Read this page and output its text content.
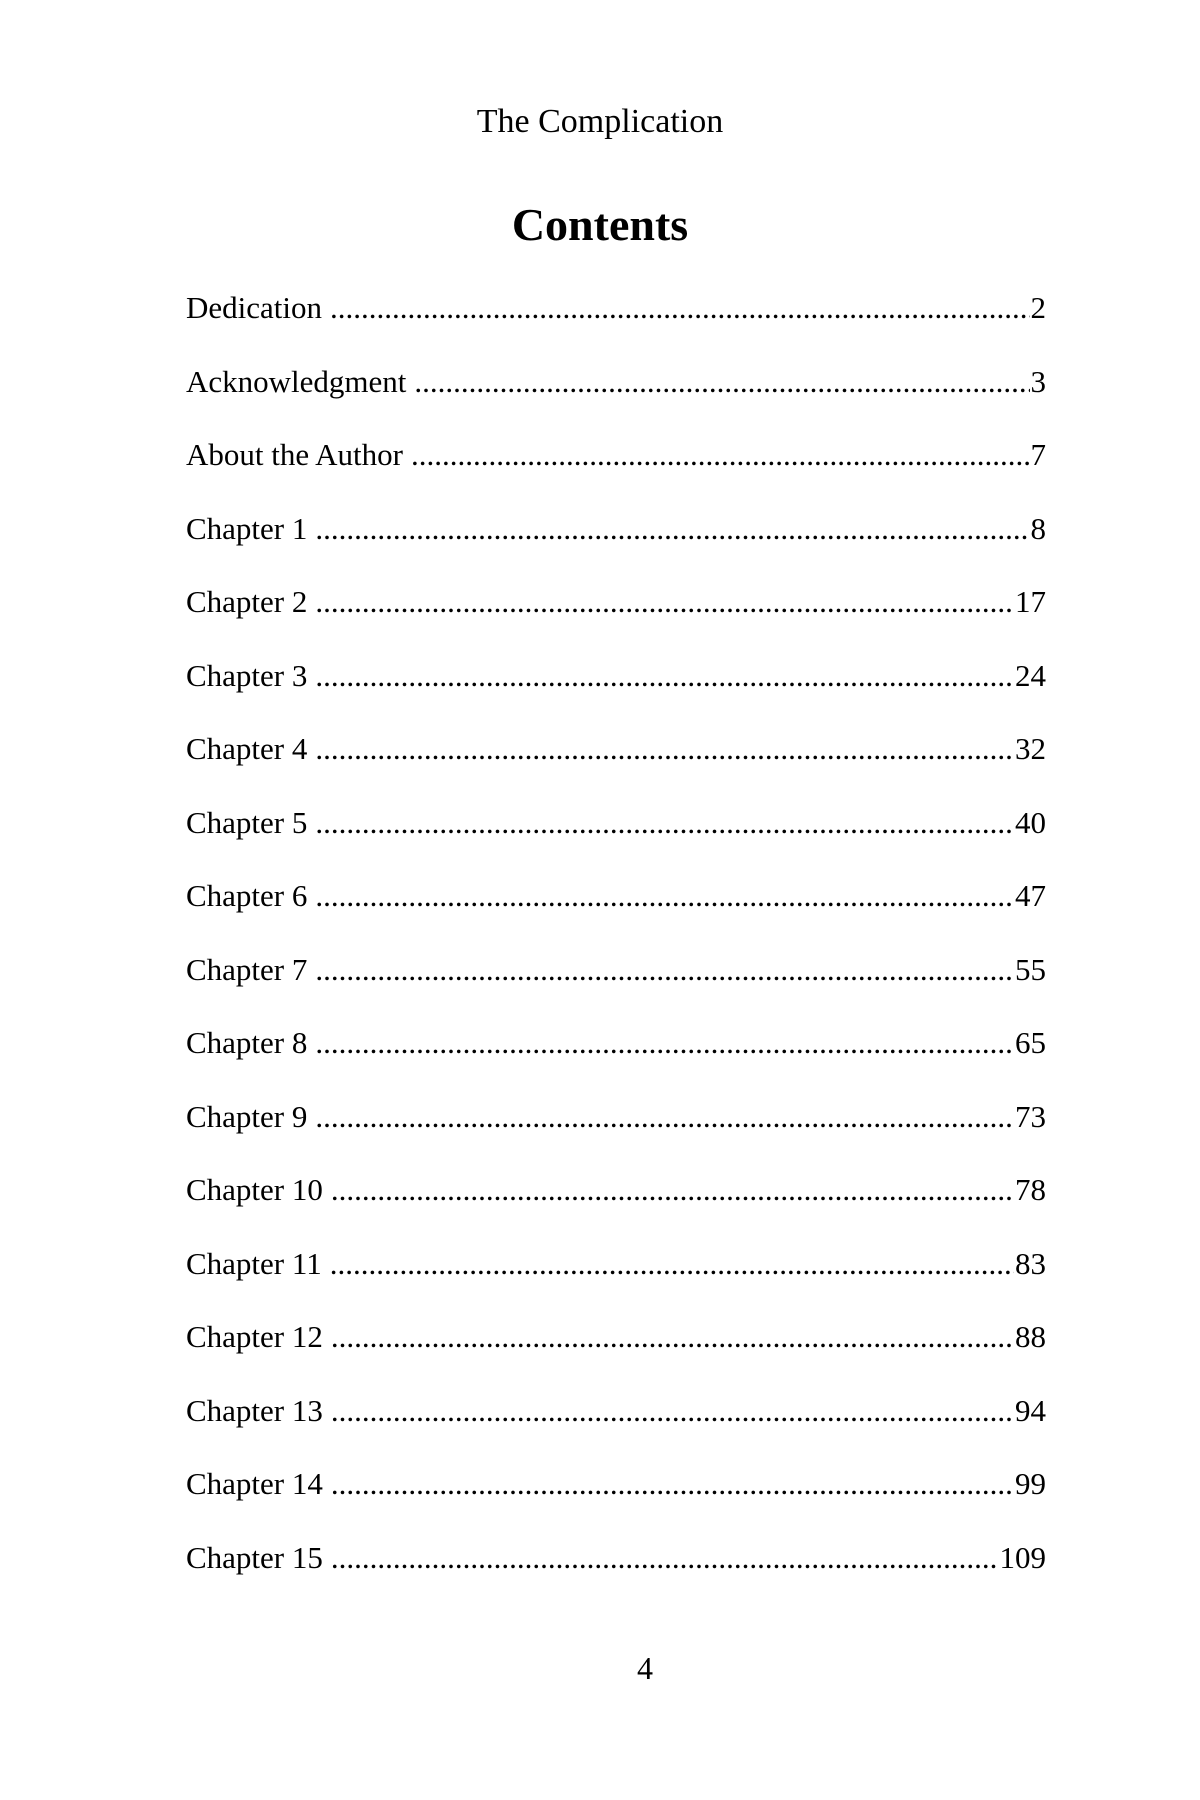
The Complication
Contents
Dedication .....	2
Acknowledgment .....	3
About the Author .....	7
Chapter 1 .....	8
Chapter 2 .....	17
Chapter 3 .....	24
Chapter 4 .....	32
Chapter 5 .....	40
Chapter 6 .....	47
Chapter 7 .....	55
Chapter 8 .....	65
Chapter 9 .....	73
Chapter 10 .....	78
Chapter 11 .....	83
Chapter 12 .....	88
Chapter 13 .....	94
Chapter 14 .....	99
Chapter 15 .....	109
4
